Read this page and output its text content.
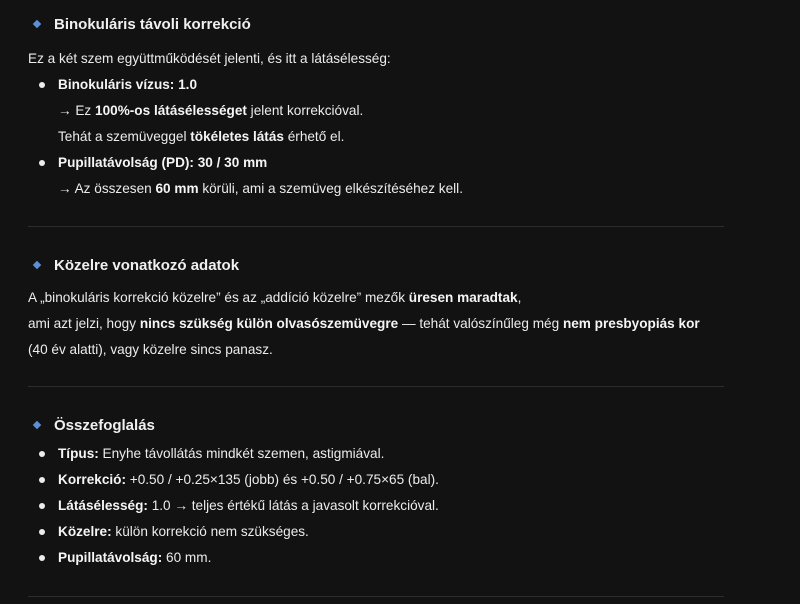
Binokuláris távoli korrekció

Ez a két szem együttműködését jelenti, és itt a látásélesség:

Binokuláris vízus: 1.0
→ Ez 100%-os látásélességet jelent korrekcióval.
Tehát a szemüveggel tökéletes látás érhető el.
Pupillatávolság (PD): 30 / 30 mm
→ Az összesen 60 mm körüli, ami a szemüveg elkészítéséhez kell.
Közelre vonatkozó adatok

A „binokuláris korrekció közelre” és az „addíció közelre” mezők üresen maradtak,

ami azt jelzi, hogy nincs szükség külön olvasószemüvegre — tehát valószínűleg még nem presbyopiás kor

(40 év alatti), vagy közelre sincs panasz.

Összefoglalás
Típus: Enyhe távollátás mindkét szemen, astigmiával.
Korrekció: +0.50 / +0.25×135 (jobb) és +0.50 / +0.75×65 (bal).
Látásélesség: 1.0 → teljes értékű látás a javasolt korrekcióval.
Közelre: külön korrekció nem szükséges.
Pupillatávolság: 60 mm.
